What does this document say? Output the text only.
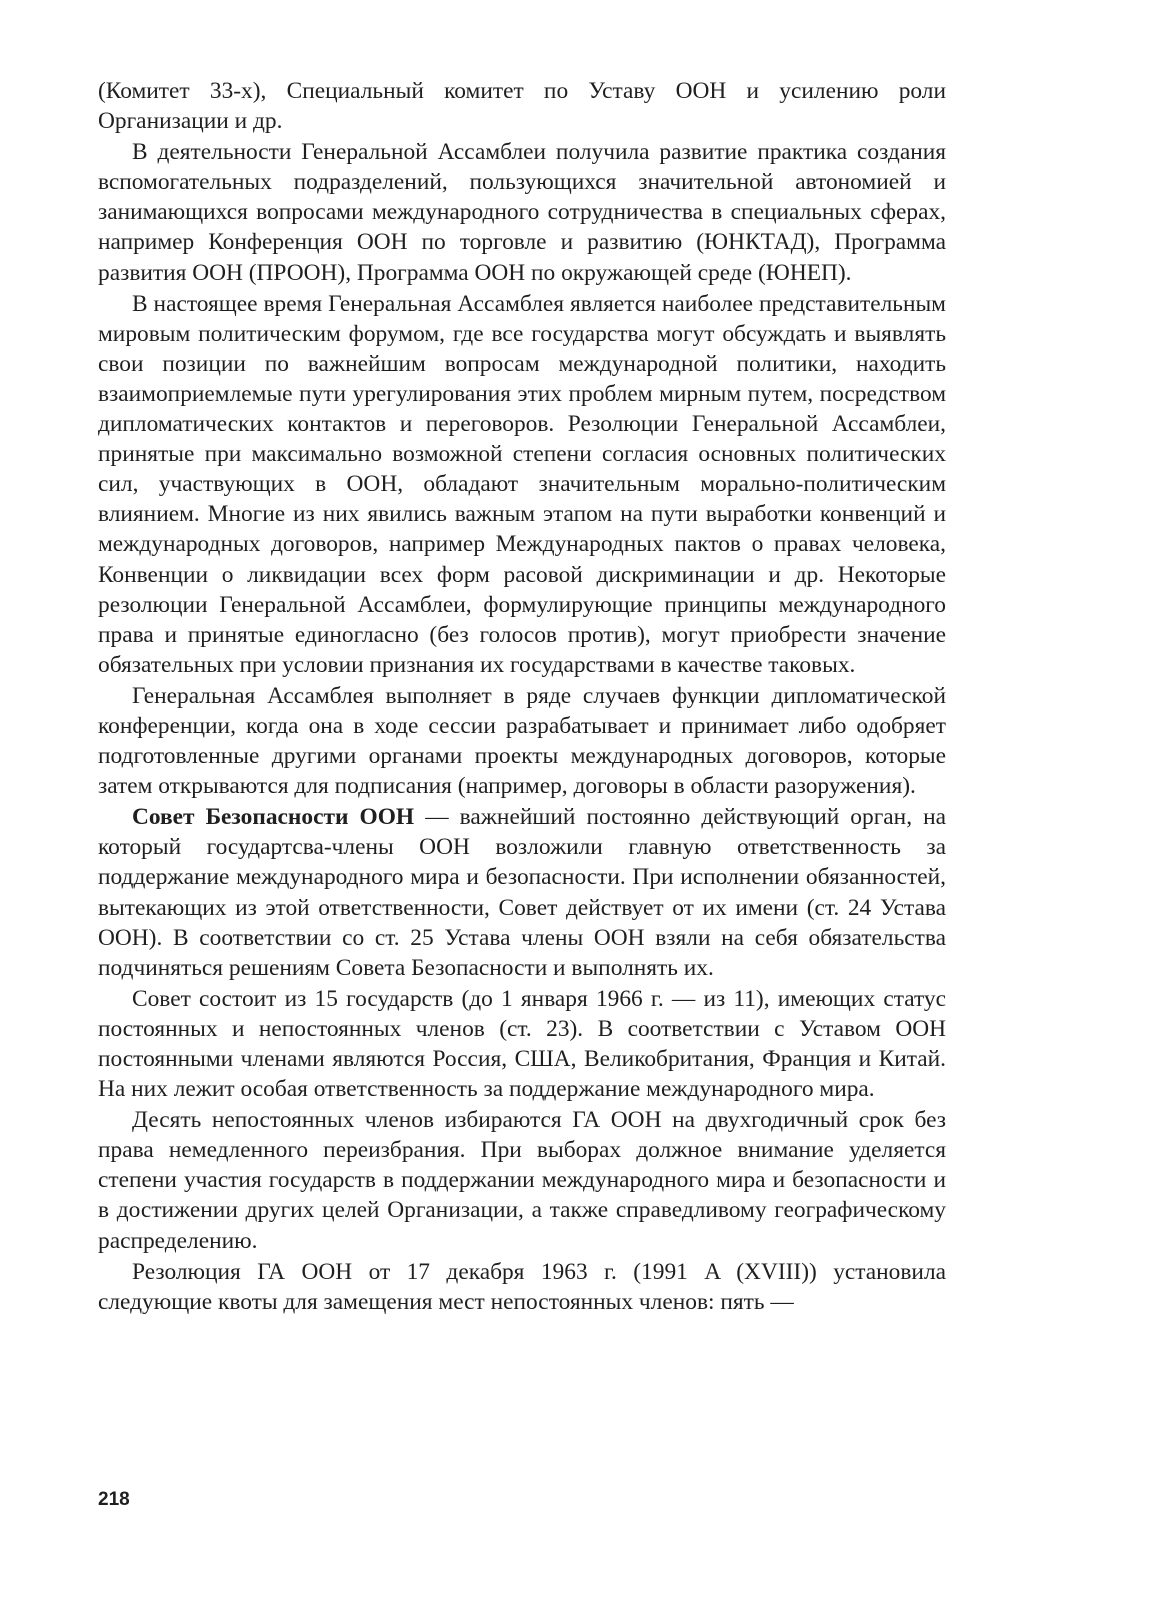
(Комитет 33-х), Специальный комитет по Уставу ООН и усилению роли Организации и др.

В деятельности Генеральной Ассамблеи получила развитие практика создания вспомогательных подразделений, пользующихся значительной автономией и занимающихся вопросами международного сотрудничества в специальных сферах, например Конференция ООН по торговле и развитию (ЮНКТАД), Программа развития ООН (ПРООН), Программа ООН по окружающей среде (ЮНЕП).

В настоящее время Генеральная Ассамблея является наиболее представительным мировым политическим форумом, где все государства могут обсуждать и выявлять свои позиции по важнейшим вопросам международной политики, находить взаимоприемлемые пути урегулирования этих проблем мирным путем, посредством дипломатических контактов и переговоров. Резолюции Генеральной Ассамблеи, принятые при максимально возможной степени согласия основных политических сил, участвующих в ООН, обладают значительным морально-политическим влиянием. Многие из них явились важным этапом на пути выработки конвенций и международных договоров, например Международных пактов о правах человека, Конвенции о ликвидации всех форм расовой дискриминации и др. Некоторые резолюции Генеральной Ассамблеи, формулирующие принципы международного права и принятые единогласно (без голосов против), могут приобрести значение обязательных при условии признания их государствами в качестве таковых.

Генеральная Ассамблея выполняет в ряде случаев функции дипломатической конференции, когда она в ходе сессии разрабатывает и принимает либо одобряет подготовленные другими органами проекты международных договоров, которые затем открываются для подписания (например, договоры в области разоружения).

Совет Безопасности ООН — важнейший постоянно действующий орган, на который государтсва-члены ООН возложили главную ответственность за поддержание международного мира и безопасности. При исполнении обязанностей, вытекающих из этой ответственности, Совет действует от их имени (ст. 24 Устава ООН). В соответствии со ст. 25 Устава члены ООН взяли на себя обязательства подчиняться решениям Совета Безопасности и выполнять их.

Совет состоит из 15 государств (до 1 января 1966 г. — из 11), имеющих статус постоянных и непостоянных членов (ст. 23). В соответствии с Уставом ООН постоянными членами являются Россия, США, Великобритания, Франция и Китай. На них лежит особая ответственность за поддержание международного мира.

Десять непостоянных членов избираются ГА ООН на двухгодичный срок без права немедленного переизбрания. При выборах должное внимание уделяется степени участия государств в поддержании международного мира и безопасности и в достижении других целей Организации, а также справедливому географическому распределению.

Резолюция ГА ООН от 17 декабря 1963 г. (1991 A (XVIII)) установила следующие квоты для замещения мест непостоянных членов: пять —

218
